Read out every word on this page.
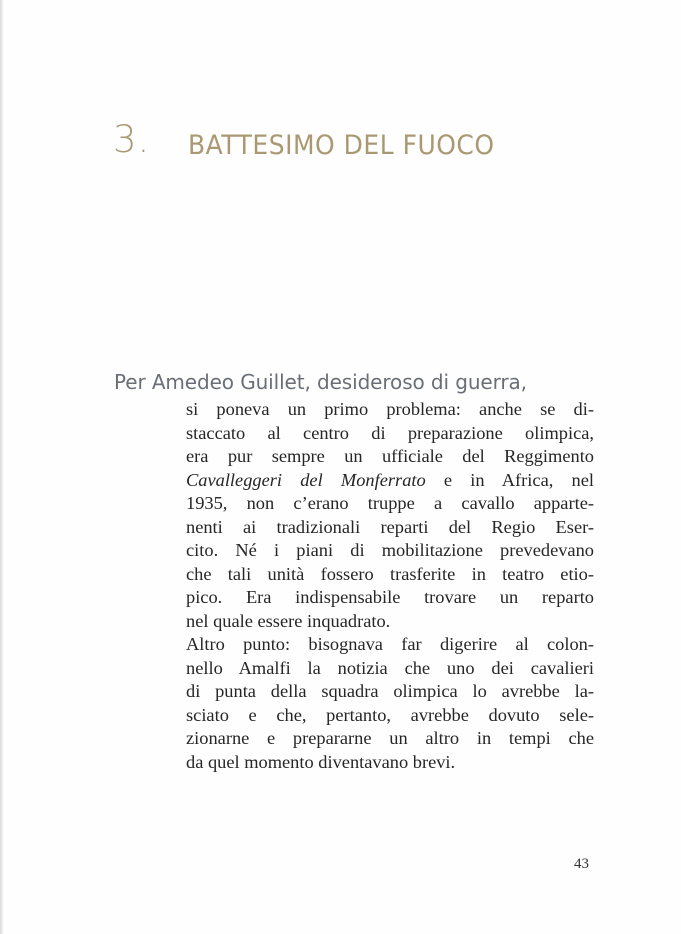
3. BATTESIMO DEL FUOCO
Per Amedeo Guillet, desideroso di guerra,
si poneva un primo problema: anche se di-
staccato al centro di preparazione olimpica,
era pur sempre un ufficiale del Reggimento
Cavalleggeri del Monferrato e in Africa, nel
1935, non c’erano truppe a cavallo apparte-
nenti ai tradizionali reparti del Regio Eser-
cito. Né i piani di mobilitazione prevedevano
che tali unità fossero trasferite in teatro etio-
pico. Era indispensabile trovare un reparto
nel quale essere inquadrato.
Altro punto: bisognava far digerire al colon-
nello Amalfi la notizia che uno dei cavalieri
di punta della squadra olimpica lo avrebbe la-
sciato e che, pertanto, avrebbe dovuto sele-
zionarne e prepararne un altro in tempi che
da quel momento diventavano brevi.
43
